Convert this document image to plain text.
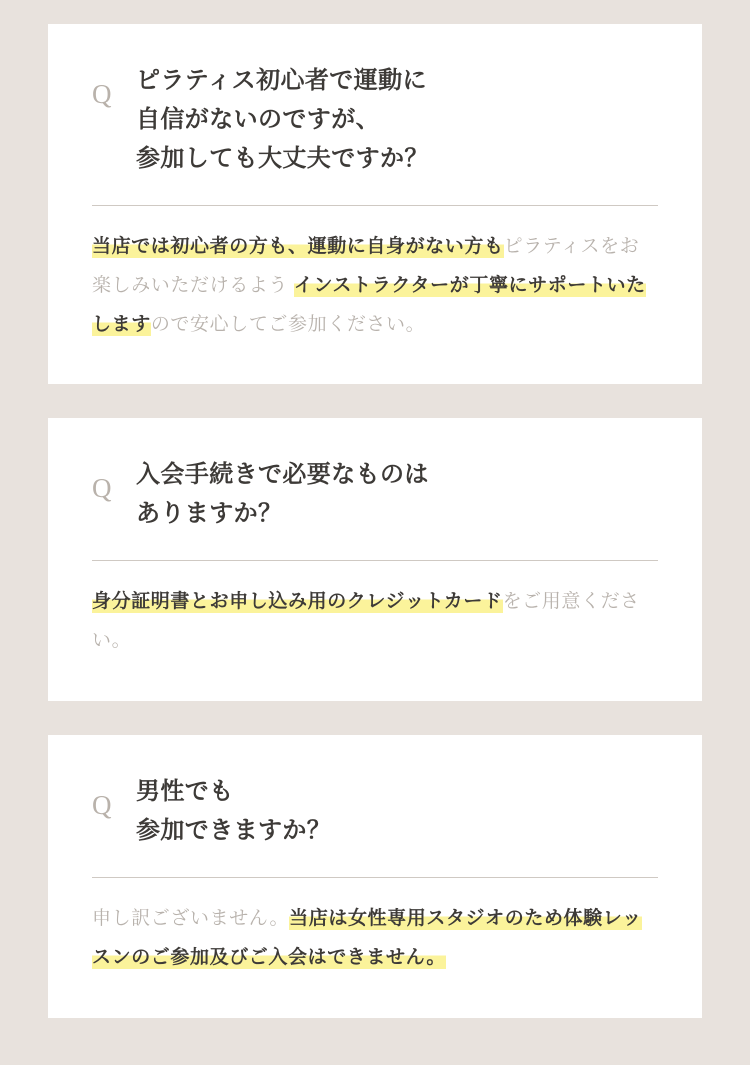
Q	ピラティス初心者で運動に
自信がないのですが、
参加しても大丈夫ですか？
当店では初心者の方も、運動に自身がない方もピラティスをお楽しみいただけるよう インストラクターが丁寧にサポートいたしますので安心してご参加ください。
Q	入会手続きで必要なものは
ありますか？
身分証明書とお申し込み用のクレジットカードをご用意ください。
Q	男性でも
参加できますか？
申し訳ございません。当店は女性専用スタジオのため体験レッスンのご参加及びご入会はできません。
